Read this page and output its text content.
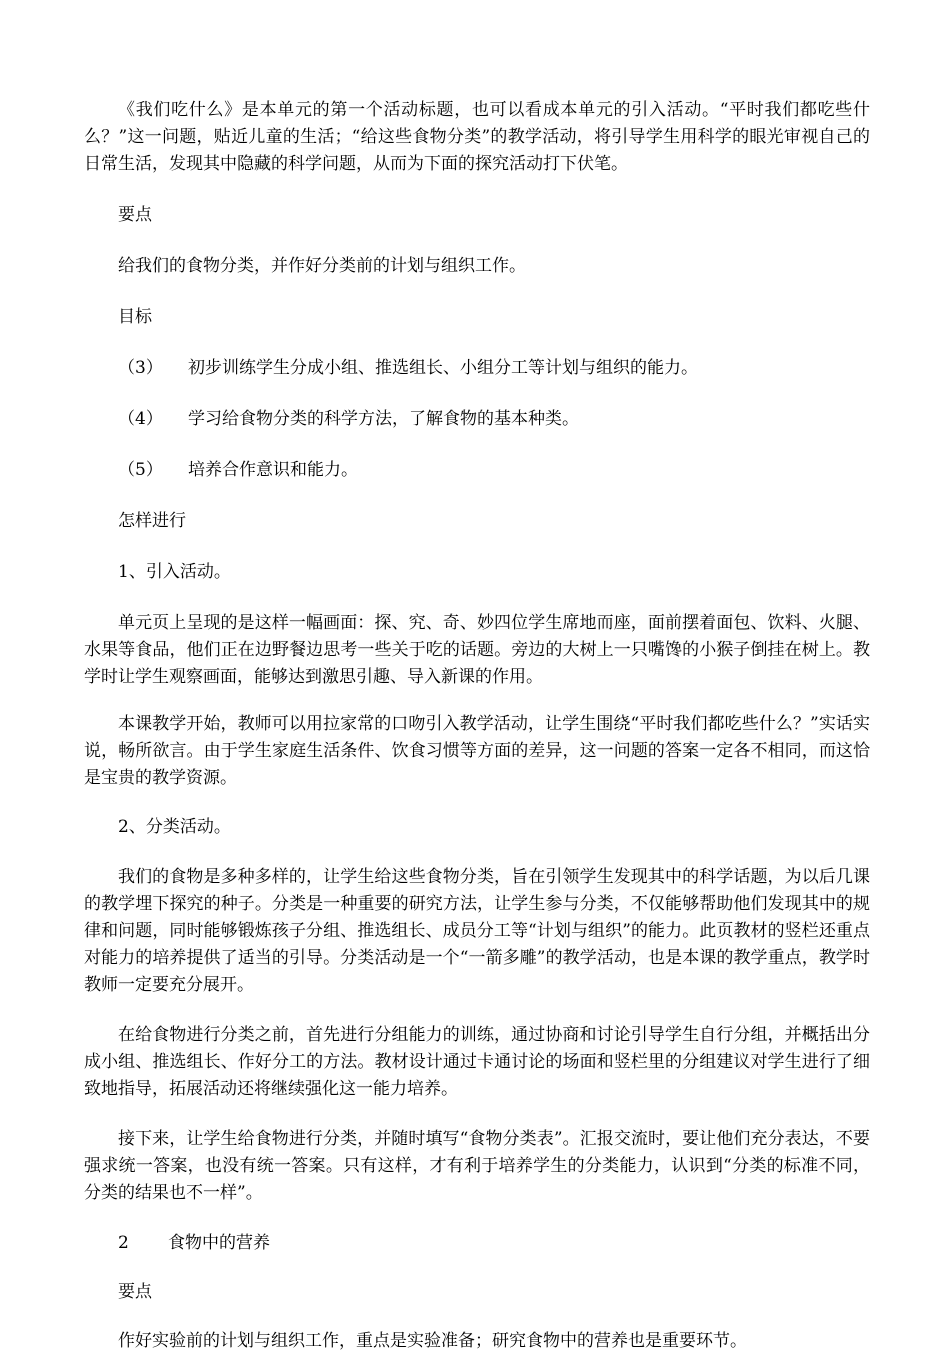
《我们吃什么》是本单元的第一个活动标题，也可以看成本单元的引入活动。“平时我们都吃些什么？”这一问题，贴近儿童的生活；“给这些食物分类”的教学活动，将引导学生用科学的眼光审视自己的日常生活，发现其中隐藏的科学问题，从而为下面的探究活动打下伏笔。

要点

给我们的食物分类，并作好分类前的计划与组织工作。

目标

（3）	初步训练学生分成小组、推选组长、小组分工等计划与组织的能力。
（4）	学习给食物分类的科学方法，了解食物的基本种类。
（5）	培养合作意识和能力。

怎样进行

1、引入活动。

单元页上呈现的是这样一幅画面：探、究、奇、妙四位学生席地而座，面前摆着面包、饮料、火腿、水果等食品，他们正在边野餐边思考一些关于吃的话题。旁边的大树上一只嘴馋的小猴子倒挂在树上。教学时让学生观察画面，能够达到激思引趣、导入新课的作用。

本课教学开始，教师可以用拉家常的口吻引入教学活动，让学生围绕“平时我们都吃些什么？”实话实说，畅所欲言。由于学生家庭生活条件、饮食习惯等方面的差异，这一问题的答案一定各不相同，而这恰是宝贵的教学资源。

2、分类活动。

我们的食物是多种多样的，让学生给这些食物分类，旨在引领学生发现其中的科学话题，为以后几课的教学埋下探究的种子。分类是一种重要的研究方法，让学生参与分类，不仅能够帮助他们发现其中的规律和问题，同时能够锻炼孩子分组、推选组长、成员分工等“计划与组织”的能力。此页教材的竖栏还重点对能力的培养提供了适当的引导。分类活动是一个“一箭多雕”的教学活动，也是本课的教学重点，教学时教师一定要充分展开。

在给食物进行分类之前，首先进行分组能力的训练，通过协商和讨论引导学生自行分组，并概括出分成小组、推选组长、作好分工的方法。教材设计通过卡通讨论的场面和竖栏里的分组建议对学生进行了细致地指导，拓展活动还将继续强化这一能力培养。

接下来，让学生给食物进行分类，并随时填写“食物分类表”。汇报交流时，要让他们充分表达，不要强求统一答案，也没有统一答案。只有这样，才有利于培养学生的分类能力，认识到“分类的标准不同，分类的结果也不一样”。

2 食物中的营养

要点

作好实验前的计划与组织工作，重点是实验准备；研究食物中的营养也是重要环节。
